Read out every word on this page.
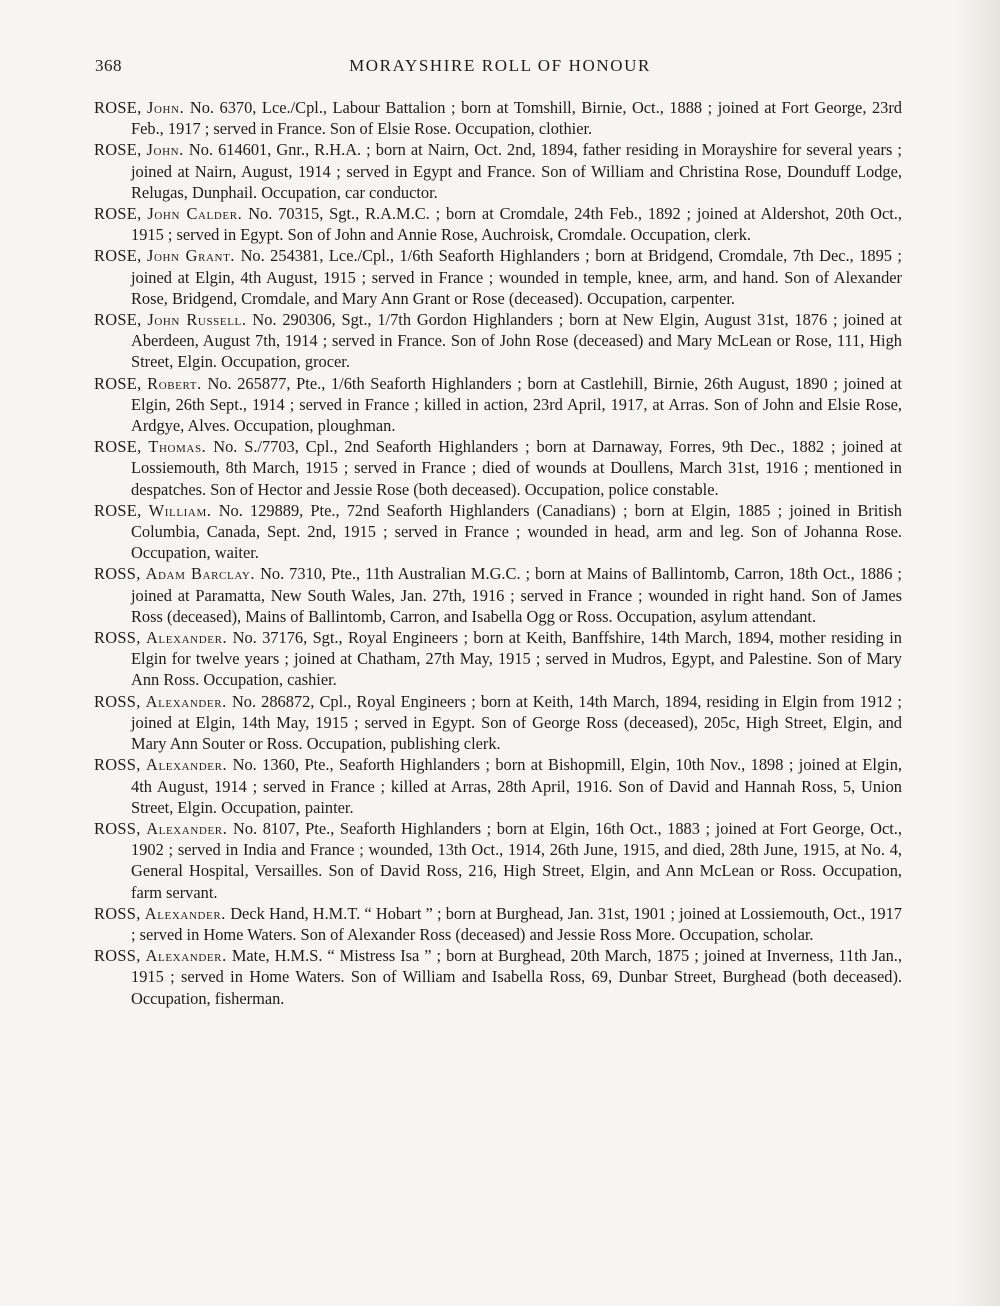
368	MORAYSHIRE ROLL OF HONOUR

ROSE, John. No. 6370, Lce./Cpl., Labour Battalion ; born at Tomshill, Birnie, Oct., 1888 ; joined at Fort George, 23rd Feb., 1917 ; served in France. Son of Elsie Rose. Occupation, clothier.

ROSE, John. No. 614601, Gnr., R.H.A. ; born at Nairn, Oct. 2nd, 1894, father residing in Morayshire for several years ; joined at Nairn, August, 1914 ; served in Egypt and France. Son of William and Christina Rose, Dounduff Lodge, Relugas, Dunphail. Occupation, car conductor.

ROSE, John Calder. No. 70315, Sgt., R.A.M.C. ; born at Cromdale, 24th Feb., 1892 ; joined at Aldershot, 20th Oct., 1915 ; served in Egypt. Son of John and Annie Rose, Auchroisk, Cromdale. Occupation, clerk.

ROSE, John Grant. No. 254381, Lce./Cpl., 1/6th Seaforth Highlanders ; born at Bridgend, Cromdale, 7th Dec., 1895 ; joined at Elgin, 4th August, 1915 ; served in France ; wounded in temple, knee, arm, and hand. Son of Alexander Rose, Bridgend, Cromdale, and Mary Ann Grant or Rose (deceased). Occupation, carpenter.

ROSE, John Russell. No. 290306, Sgt., 1/7th Gordon Highlanders ; born at New Elgin, August 31st, 1876 ; joined at Aberdeen, August 7th, 1914 ; served in France. Son of John Rose (deceased) and Mary McLean or Rose, 111, High Street, Elgin. Occupation, grocer.

ROSE, Robert. No. 265877, Pte., 1/6th Seaforth Highlanders ; born at Castlehill, Birnie, 26th August, 1890 ; joined at Elgin, 26th Sept., 1914 ; served in France ; killed in action, 23rd April, 1917, at Arras. Son of John and Elsie Rose, Ardgye, Alves. Occupation, ploughman.

ROSE, Thomas. No. S./7703, Cpl., 2nd Seaforth Highlanders ; born at Darnaway, Forres, 9th Dec., 1882 ; joined at Lossiemouth, 8th March, 1915 ; served in France ; died of wounds at Doullens, March 31st, 1916 ; mentioned in despatches. Son of Hector and Jessie Rose (both deceased). Occupation, police constable.

ROSE, William. No. 129889, Pte., 72nd Seaforth Highlanders (Canadians) ; born at Elgin, 1885 ; joined in British Columbia, Canada, Sept. 2nd, 1915 ; served in France ; wounded in head, arm and leg. Son of Johanna Rose. Occupation, waiter.

ROSS, Adam Barclay. No. 7310, Pte., 11th Australian M.G.C. ; born at Mains of Ballintomb, Carron, 18th Oct., 1886 ; joined at Paramatta, New South Wales, Jan. 27th, 1916 ; served in France ; wounded in right hand. Son of James Ross (deceased), Mains of Ballintomb, Carron, and Isabella Ogg or Ross. Occupation, asylum attendant.

ROSS, Alexander. No. 37176, Sgt., Royal Engineers ; born at Keith, Banffshire, 14th March, 1894, mother residing in Elgin for twelve years ; joined at Chatham, 27th May, 1915 ; served in Mudros, Egypt, and Palestine. Son of Mary Ann Ross. Occupation, cashier.

ROSS, Alexander. No. 286872, Cpl., Royal Engineers ; born at Keith, 14th March, 1894, residing in Elgin from 1912 ; joined at Elgin, 14th May, 1915 ; served in Egypt. Son of George Ross (deceased), 205c, High Street, Elgin, and Mary Ann Souter or Ross. Occupation, publishing clerk.

ROSS, Alexander. No. 1360, Pte., Seaforth Highlanders ; born at Bishopmill, Elgin, 10th Nov., 1898 ; joined at Elgin, 4th August, 1914 ; served in France ; killed at Arras, 28th April, 1916. Son of David and Hannah Ross, 5, Union Street, Elgin. Occupation, painter.

ROSS, Alexander. No. 8107, Pte., Seaforth Highlanders ; born at Elgin, 16th Oct., 1883 ; joined at Fort George, Oct., 1902 ; served in India and France ; wounded, 13th Oct., 1914, 26th June, 1915, and died, 28th June, 1915, at No. 4, General Hospital, Versailles. Son of David Ross, 216, High Street, Elgin, and Ann McLean or Ross. Occupation, farm servant.

ROSS, Alexander. Deck Hand, H.M.T. “ Hobart ” ; born at Burghead, Jan. 31st, 1901 ; joined at Lossiemouth, Oct., 1917 ; served in Home Waters. Son of Alexander Ross (deceased) and Jessie Ross More. Occupation, scholar.

ROSS, Alexander. Mate, H.M.S. “ Mistress Isa ” ; born at Burghead, 20th March, 1875 ; joined at Inverness, 11th Jan., 1915 ; served in Home Waters. Son of William and Isabella Ross, 69, Dunbar Street, Burghead (both deceased). Occupation, fisherman.
